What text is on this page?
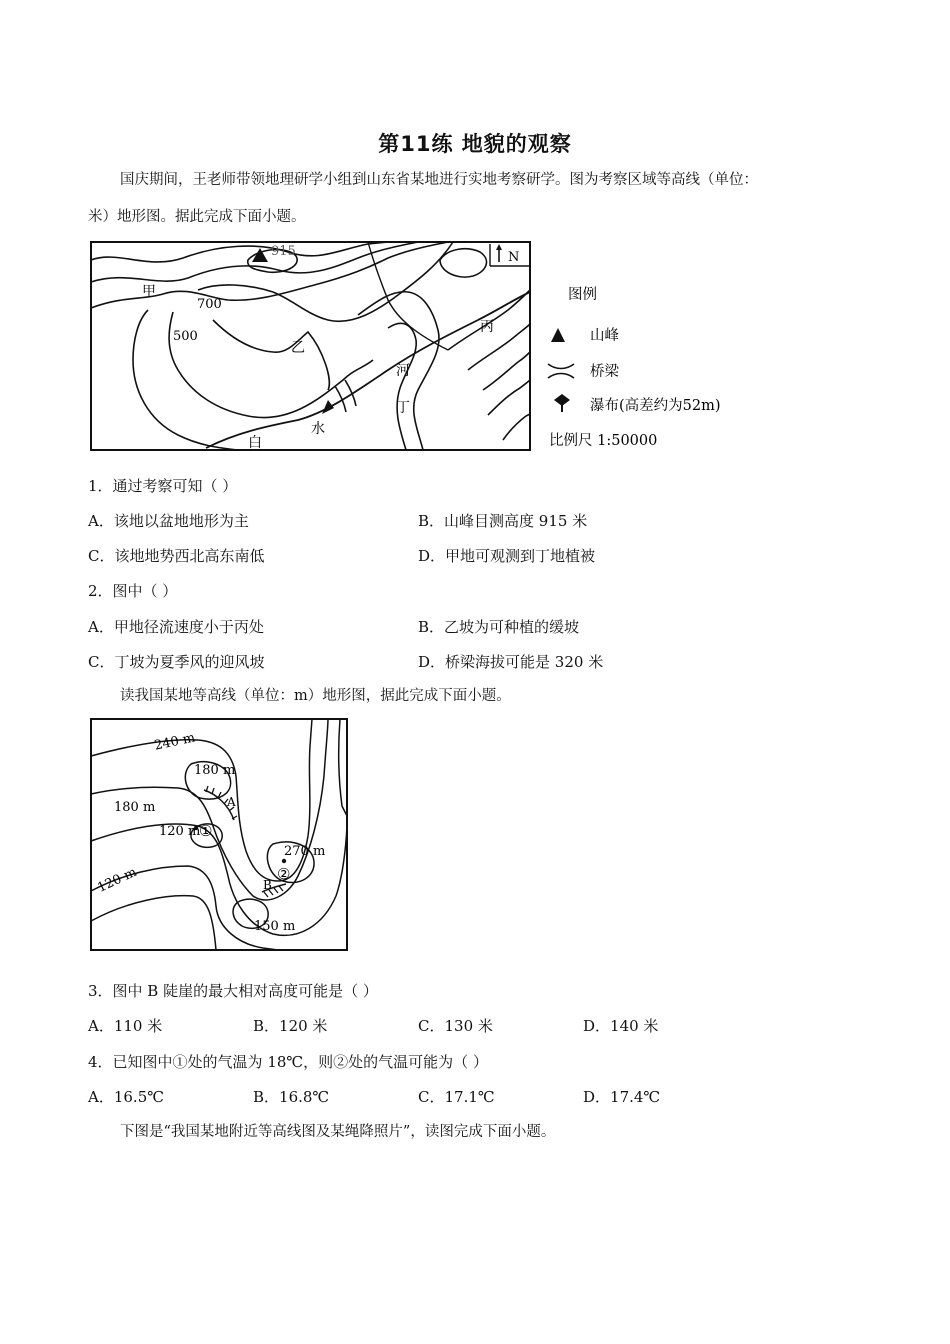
第11练 地貌的观察
国庆期间，王老师带领地理研学小组到山东省某地进行实地考察研学。图为考察区域等高线（单位：
米）地形图。据此完成下面小题。
N
915
700
500
甲
乙
丙
丁
河
白
水
图例
山峰
桥梁
瀑布(高差约为52m)
比例尺 1:50000
1．通过考察可知（ ）
A．该地以盆地地形为主	B．山峰目测高度 915 米
C．该地地势西北高东南低	D．甲地可观测到丁地植被
2．图中（ ）
A．甲地径流速度小于丙处	B．乙坡为可种植的缓坡
C．丁坡为夏季风的迎风坡	D．桥梁海拔可能是 320 米
读我国某地等高线（单位：m）地形图，据此完成下面小题。
240 m
180 m
180 m
120 m
120 m
270 m
150 m
A
B
①
②
3．图中 B 陡崖的最大相对高度可能是（ ）
A．110 米	B．120 米	C．130 米	D．140 米
4．已知图中①处的气温为 18℃，则②处的气温可能为（ ）
A．16.5℃	B．16.8℃	C．17.1℃	D．17.4℃
下图是“我国某地附近等高线图及某绳降照片”，读图完成下面小题。
